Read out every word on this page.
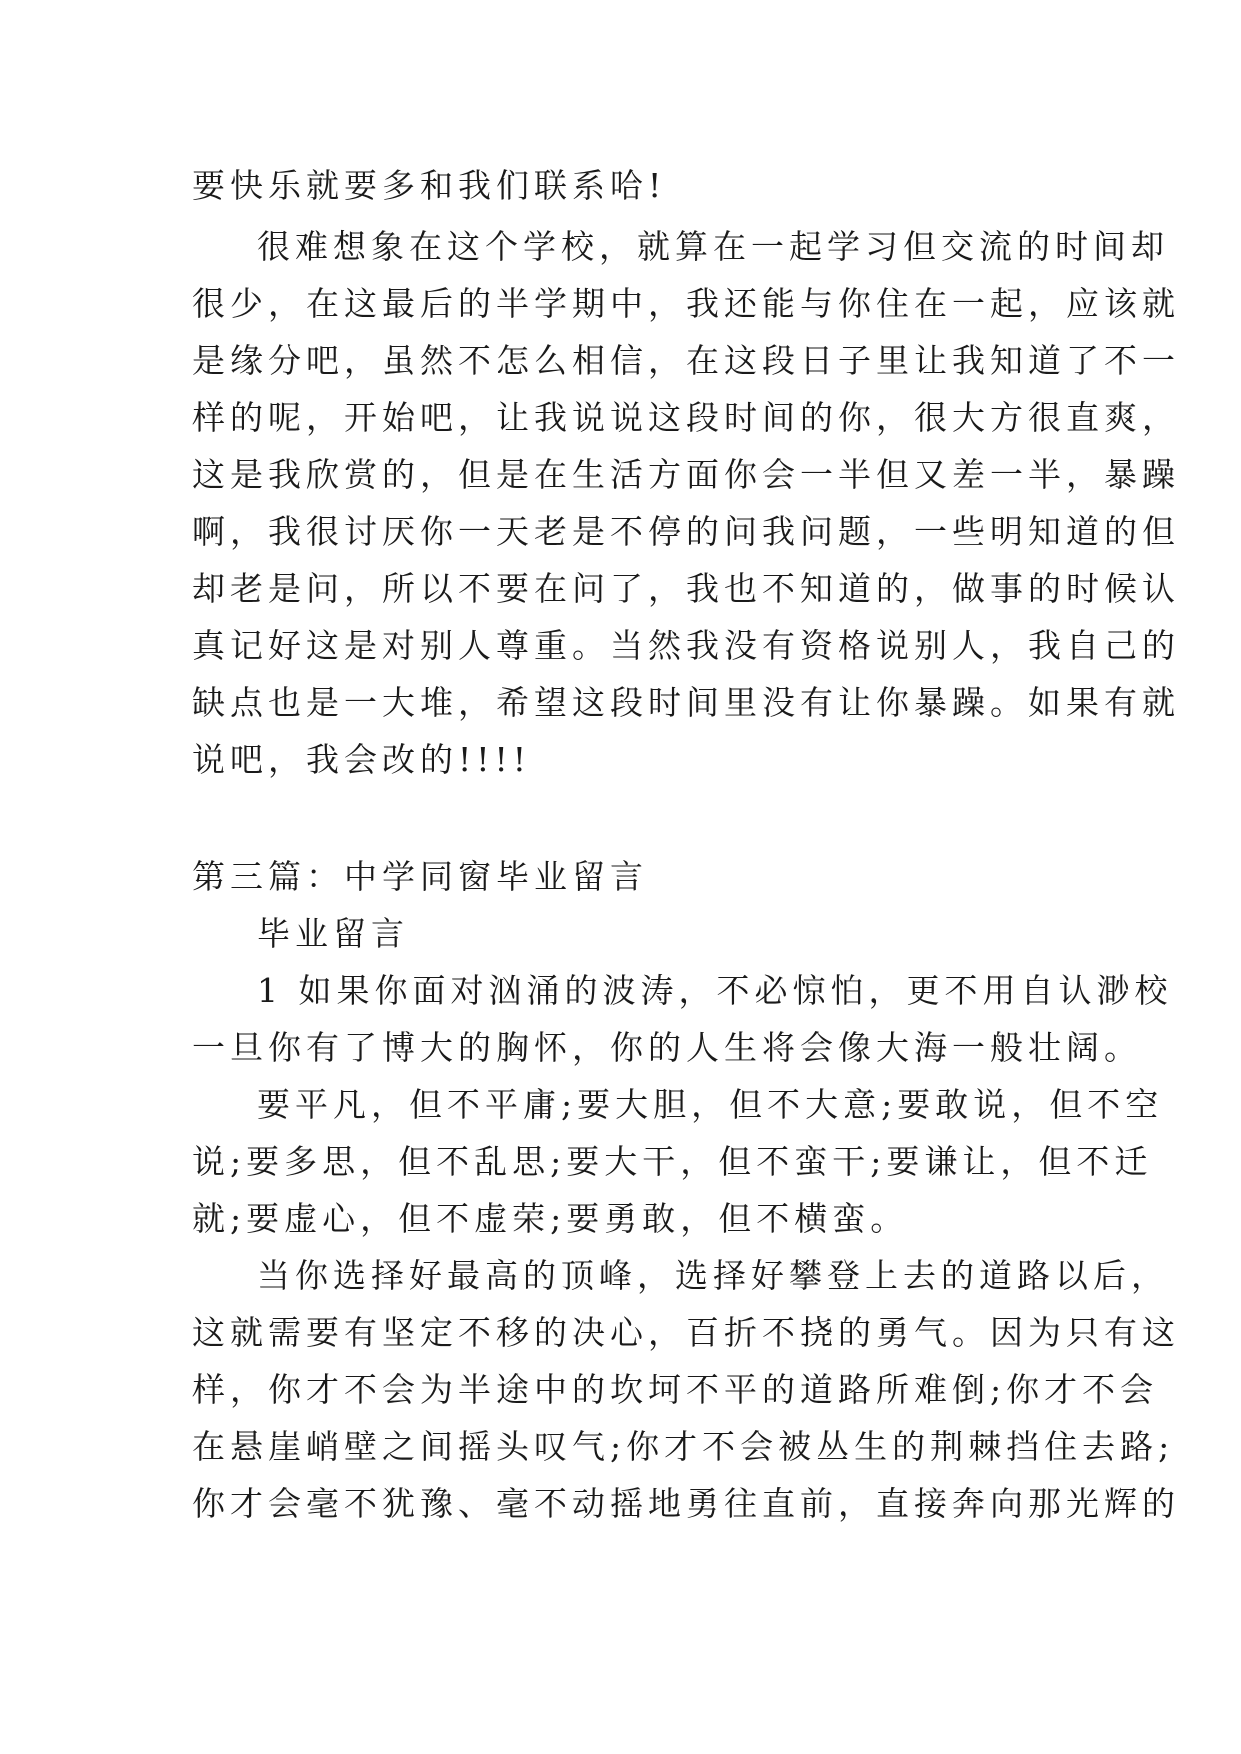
要快乐就要多和我们联系哈!
很难想象在这个学校，就算在一起学习但交流的时间却
很少，在这最后的半学期中，我还能与你住在一起，应该就
是缘分吧，虽然不怎么相信，在这段日子里让我知道了不一
样的呢，开始吧，让我说说这段时间的你，很大方很直爽，
这是我欣赏的，但是在生活方面你会一半但又差一半，暴躁
啊，我很讨厌你一天老是不停的问我问题，一些明知道的但
却老是问，所以不要在问了，我也不知道的，做事的时候认
真记好这是对别人尊重。当然我没有资格说别人，我自己的
缺点也是一大堆，希望这段时间里没有让你暴躁。如果有就
说吧，我会改的!!!!
第三篇：中学同窗毕业留言
毕业留言
1 如果你面对汹涌的波涛，不必惊怕，更不用自认渺校
一旦你有了博大的胸怀，你的人生将会像大海一般壮阔。
要平凡，但不平庸;要大胆，但不大意;要敢说，但不空
说;要多思，但不乱思;要大干，但不蛮干;要谦让，但不迁
就;要虚心，但不虚荣;要勇敢，但不横蛮。
当你选择好最高的顶峰，选择好攀登上去的道路以后，
这就需要有坚定不移的决心，百折不挠的勇气。因为只有这
样，你才不会为半途中的坎坷不平的道路所难倒;你才不会
在悬崖峭壁之间摇头叹气;你才不会被丛生的荆棘挡住去路;
你才会毫不犹豫、毫不动摇地勇往直前，直接奔向那光辉的
